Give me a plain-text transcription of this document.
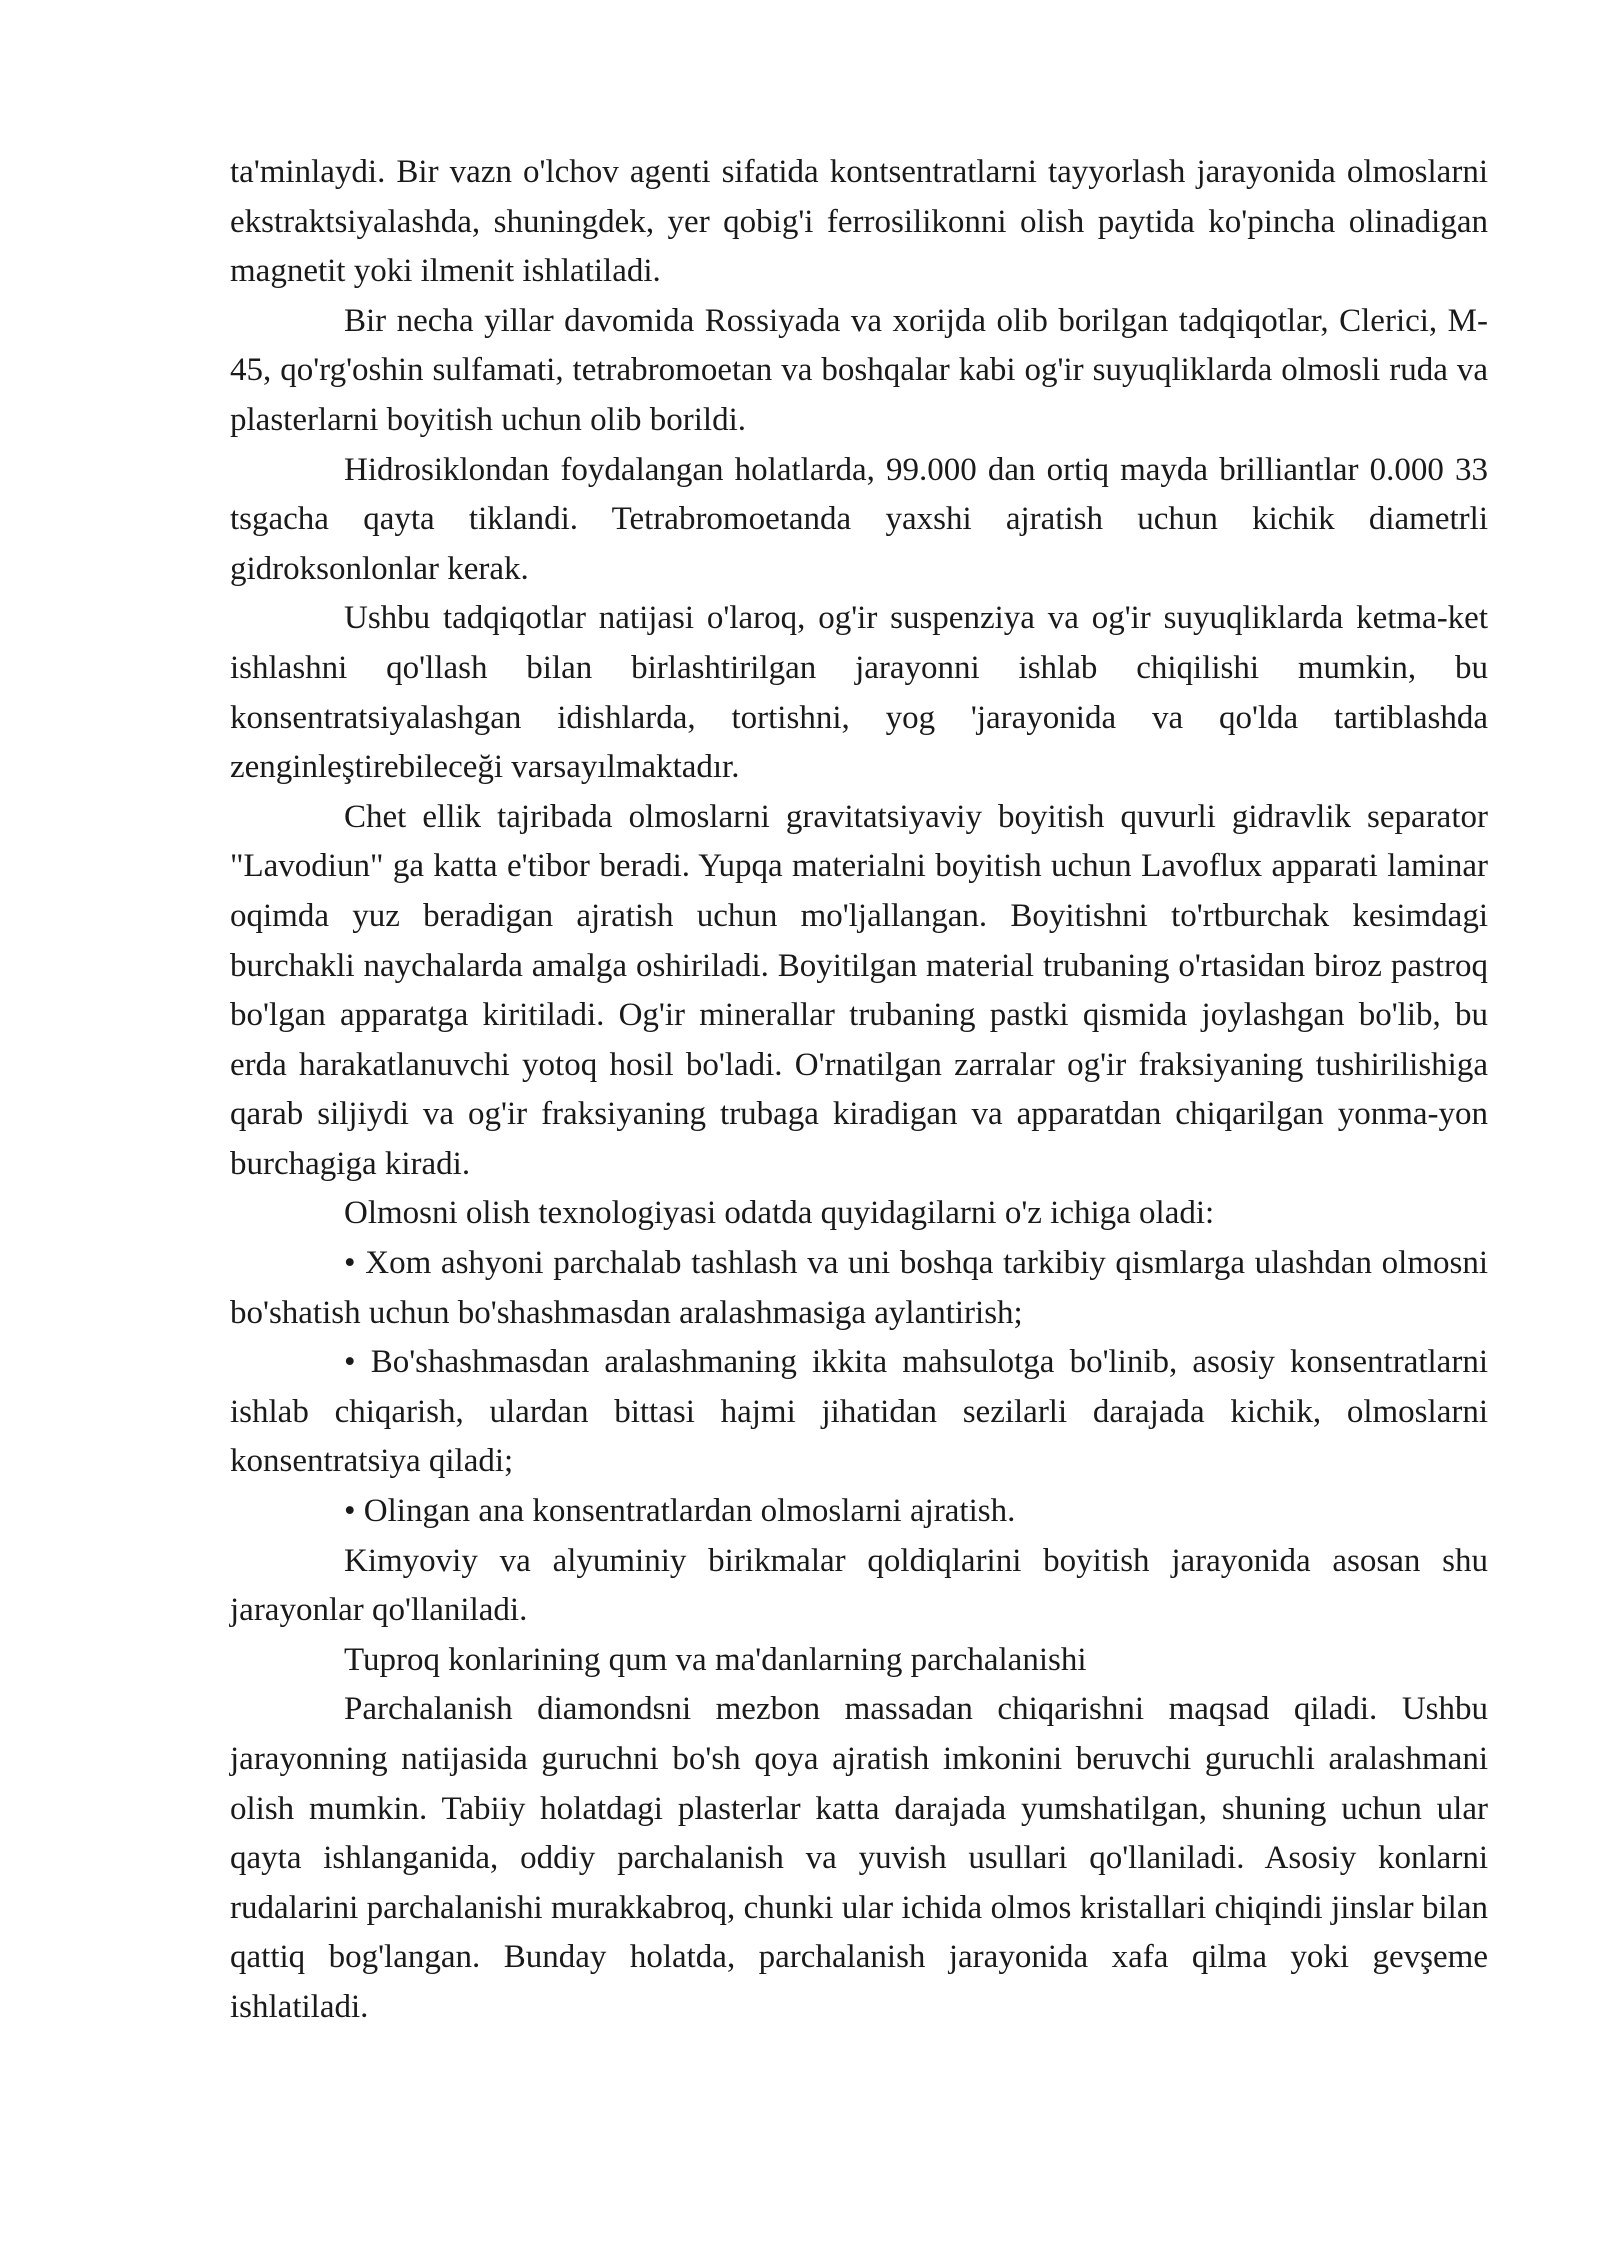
ta'minlaydi. Bir vazn o'lchov agenti sifatida kontsentratlarni tayyorlash jarayonida olmoslarni ekstraktsiyalashda, shuningdek, yer qobig'i ferrosilikonni olish paytida ko'pincha olinadigan magnetit yoki ilmenit ishlatiladi.

Bir necha yillar davomida Rossiyada va xorijda olib borilgan tadqiqotlar, Clerici, M-45, qo'rg'oshin sulfamati, tetrabromoetan va boshqalar kabi og'ir suyuqliklarda olmosli ruda va plasterlarni boyitish uchun olib borildi.

Hidrosiklondan foydalangan holatlarda, 99.000 dan ortiq mayda brilliantlar 0.000 33 tsgacha qayta tiklandi. Tetrabromoetanda yaxshi ajratish uchun kichik diametrli gidroksonlonlar kerak.

Ushbu tadqiqotlar natijasi o'laroq, og'ir suspenziya va og'ir suyuqliklarda ketma-ket ishlashni qo'llash bilan birlashtirilgan jarayonni ishlab chiqilishi mumkin, bu konsentratsiyalashgan idishlarda, tortishni, yog 'jarayonida va qo'lda tartiblashda zenginleştirebileceği varsayılmaktadır.

Chet ellik tajribada olmoslarni gravitatsiyaviy boyitish quvurli gidravlik separator "Lavodiun" ga katta e'tibor beradi. Yupqa materialni boyitish uchun Lavoflux apparati laminar oqimda yuz beradigan ajratish uchun mo'ljallangan. Boyitishni to'rtburchak kesimdagi burchakli naychalarda amalga oshiriladi. Boyitilgan material trubaning o'rtasidan biroz pastroq bo'lgan apparatga kiritiladi. Og'ir minerallar trubaning pastki qismida joylashgan bo'lib, bu erda harakatlanuvchi yotoq hosil bo'ladi. O'rnatilgan zarralar og'ir fraksiyaning tushirilishiga qarab siljiydi va og'ir fraksiyaning trubaga kiradigan va apparatdan chiqarilgan yonma-yon burchagiga kiradi.

Olmosni olish texnologiyasi odatda quyidagilarni o'z ichiga oladi:

• Xom ashyoni parchalab tashlash va uni boshqa tarkibiy qismlarga ulashdan olmosni bo'shatish uchun bo'shashmasdan aralashmasiga aylantirish;

• Bo'shashmasdan aralashmaning ikkita mahsulotga bo'linib, asosiy konsentratlarni ishlab chiqarish, ulardan bittasi hajmi jihatidan sezilarli darajada kichik, olmoslarni konsentratsiya qiladi;

• Olingan ana konsentratlardan olmoslarni ajratish.

Kimyoviy va alyuminiy birikmalar qoldiqlarini boyitish jarayonida asosan shu jarayonlar qo'llaniladi.

Tuproq konlarining qum va ma'danlarning parchalanishi

Parchalanish diamondsni mezbon massadan chiqarishni maqsad qiladi. Ushbu jarayonning natijasida guruchni bo'sh qoya ajratish imkonini beruvchi guruchli aralashmani olish mumkin. Tabiiy holatdagi plasterlar katta darajada yumshatilgan, shuning uchun ular qayta ishlanganida, oddiy parchalanish va yuvish usullari qo'llaniladi. Asosiy konlarni rudalarini parchalanishi murakkabroq, chunki ular ichida olmos kristallari chiqindi jinslar bilan qattiq bog'langan. Bunday holatda, parchalanish jarayonida xafa qilma yoki gevşeme ishlatiladi.
